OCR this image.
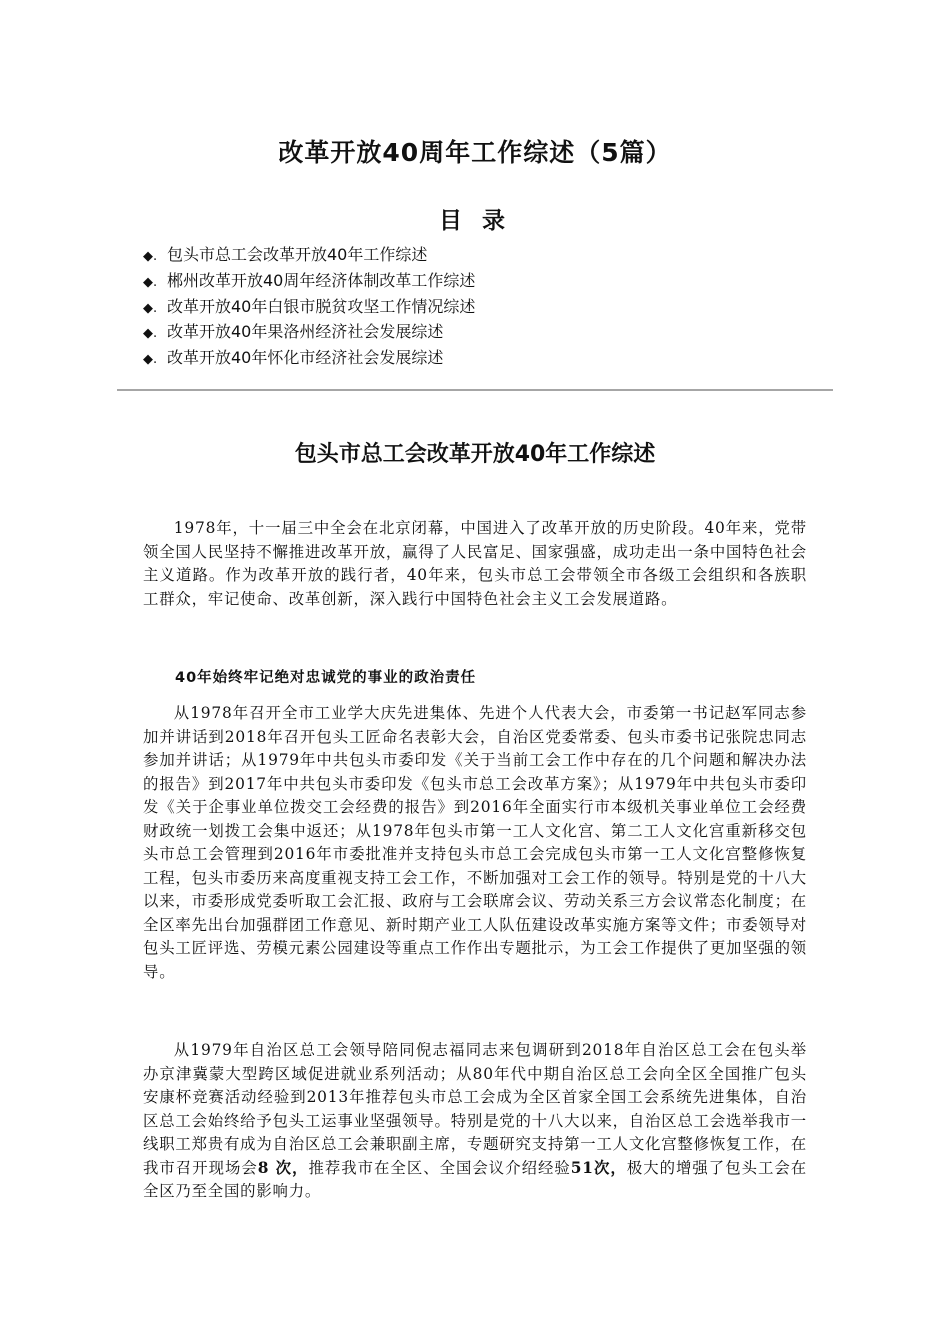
改革开放40周年工作综述（5篇）
目 录
◆. 包头市总工会改革开放40年工作综述
◆. 郴州改革开放40周年经济体制改革工作综述
◆. 改革开放40年白银市脱贫攻坚工作情况综述
◆. 改革开放40年果洛州经济社会发展综述
◆. 改革开放40年怀化市经济社会发展综述
包头市总工会改革开放40年工作综述

1978年，十一届三中全会在北京闭幕，中国进入了改革开放的历史阶段。40年来，党带领全国人民坚持不懈推进改革开放，赢得了人民富足、国家强盛，成功走出一条中国特色社会主义道路。作为改革开放的践行者，40年来，包头市总工会带领全市各级工会组织和各族职工群众，牢记使命、改革创新，深入践行中国特色社会主义工会发展道路。

40年始终牢记绝对忠诚党的事业的政治责任

从1978年召开全市工业学大庆先进集体、先进个人代表大会，市委第一书记赵军同志参加并讲话到2018年召开包头工匠命名表彰大会，自治区党委常委、包头市委书记张院忠同志参加并讲话；从1979年中共包头市委印发《关于当前工会工作中存在的几个问题和解决办法的报告》到2017年中共包头市委印发《包头市总工会改革方案》；从1979年中共包头市委印发《关于企事业单位拨交工会经费的报告》到2016年全面实行市本级机关事业单位工会经费财政统一划拨工会集中返还；从1978年包头市第一工人文化宫、第二工人文化宫重新移交包头市总工会管理到2016年市委批准并支持包头市总工会完成包头市第一工人文化宫整修恢复工程，包头市委历来高度重视支持工会工作，不断加强对工会工作的领导。特别是党的十八大以来，市委形成党委听取工会汇报、政府与工会联席会议、劳动关系三方会议常态化制度；在全区率先出台加强群团工作意见、新时期产业工人队伍建设改革实施方案等文件；市委领导对包头工匠评选、劳模元素公园建设等重点工作作出专题批示，为工会工作提供了更加坚强的领导。

从1979年自治区总工会领导陪同倪志福同志来包调研到2018年自治区总工会在包头举办京津冀蒙大型跨区域促进就业系列活动；从80年代中期自治区总工会向全区全国推广包头安康杯竞赛活动经验到2013年推荐包头市总工会成为全区首家全国工会系统先进集体，自治区总工会始终给予包头工运事业坚强领导。特别是党的十八大以来，自治区总工会选举我市一线职工郑贵有成为自治区总工会兼职副主席，专题研究支持第一工人文化宫整修恢复工作，在我市召开现场会8 次，推荐我市在全区、全国会议介绍经验51次，极大的增强了包头工会在全区乃至全国的影响力。
